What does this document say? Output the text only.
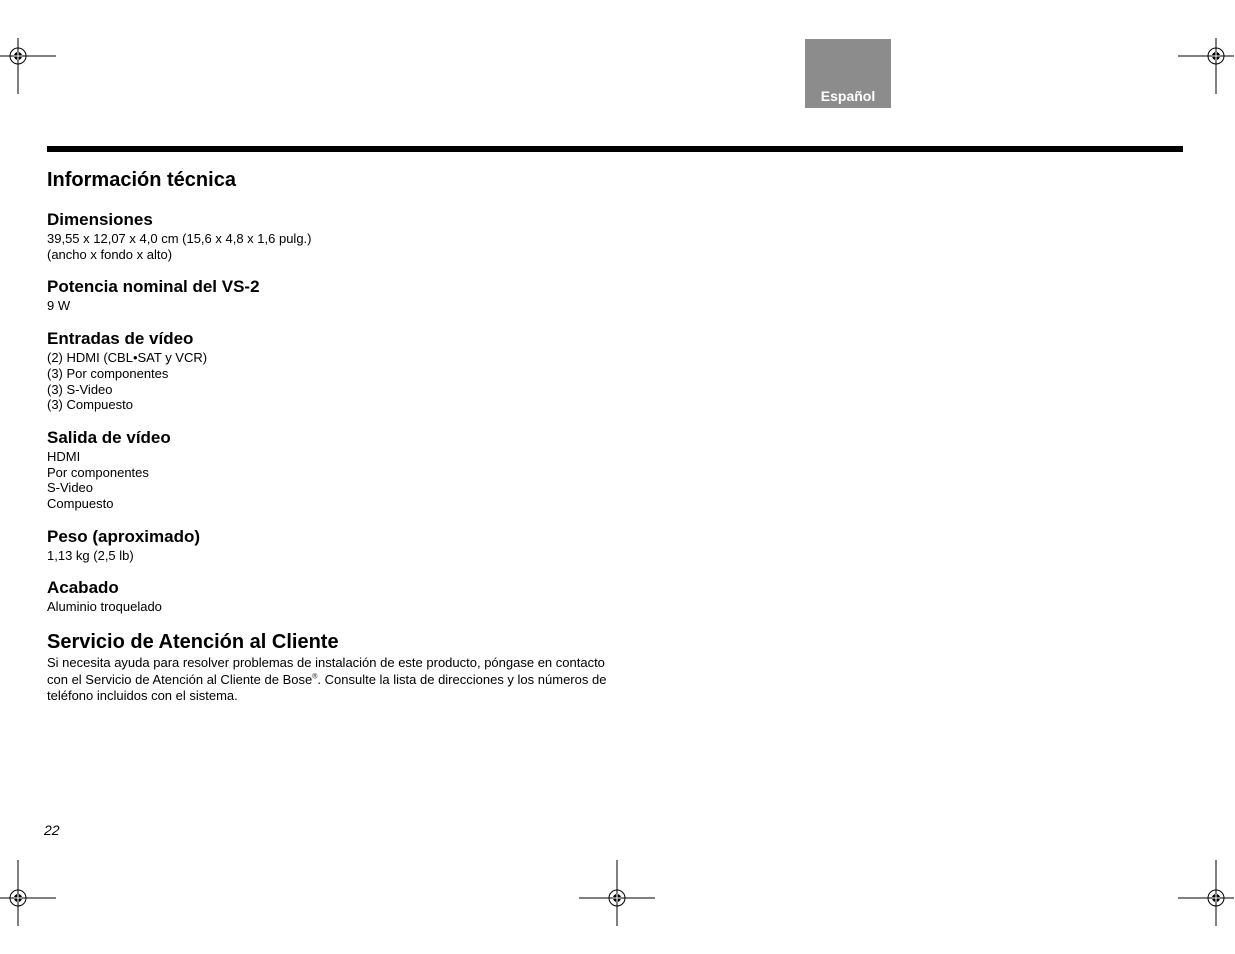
Español
Información técnica
Dimensiones
39,55 x 12,07 x 4,0 cm (15,6 x 4,8 x 1,6 pulg.)
(ancho x fondo x alto)
Potencia nominal del VS-2
9 W
Entradas de vídeo
(2) HDMI (CBL•SAT y VCR)
(3) Por componentes
(3) S-Video
(3) Compuesto
Salida de vídeo
HDMI
Por componentes
S-Video
Compuesto
Peso (aproximado)
1,13 kg (2,5 lb)
Acabado
Aluminio troquelado
Servicio de Atención al Cliente
Si necesita ayuda para resolver problemas de instalación de este producto, póngase en contacto
con el Servicio de Atención al Cliente de Bose®. Consulte la lista de direcciones y los números de
teléfono incluidos con el sistema.
22
